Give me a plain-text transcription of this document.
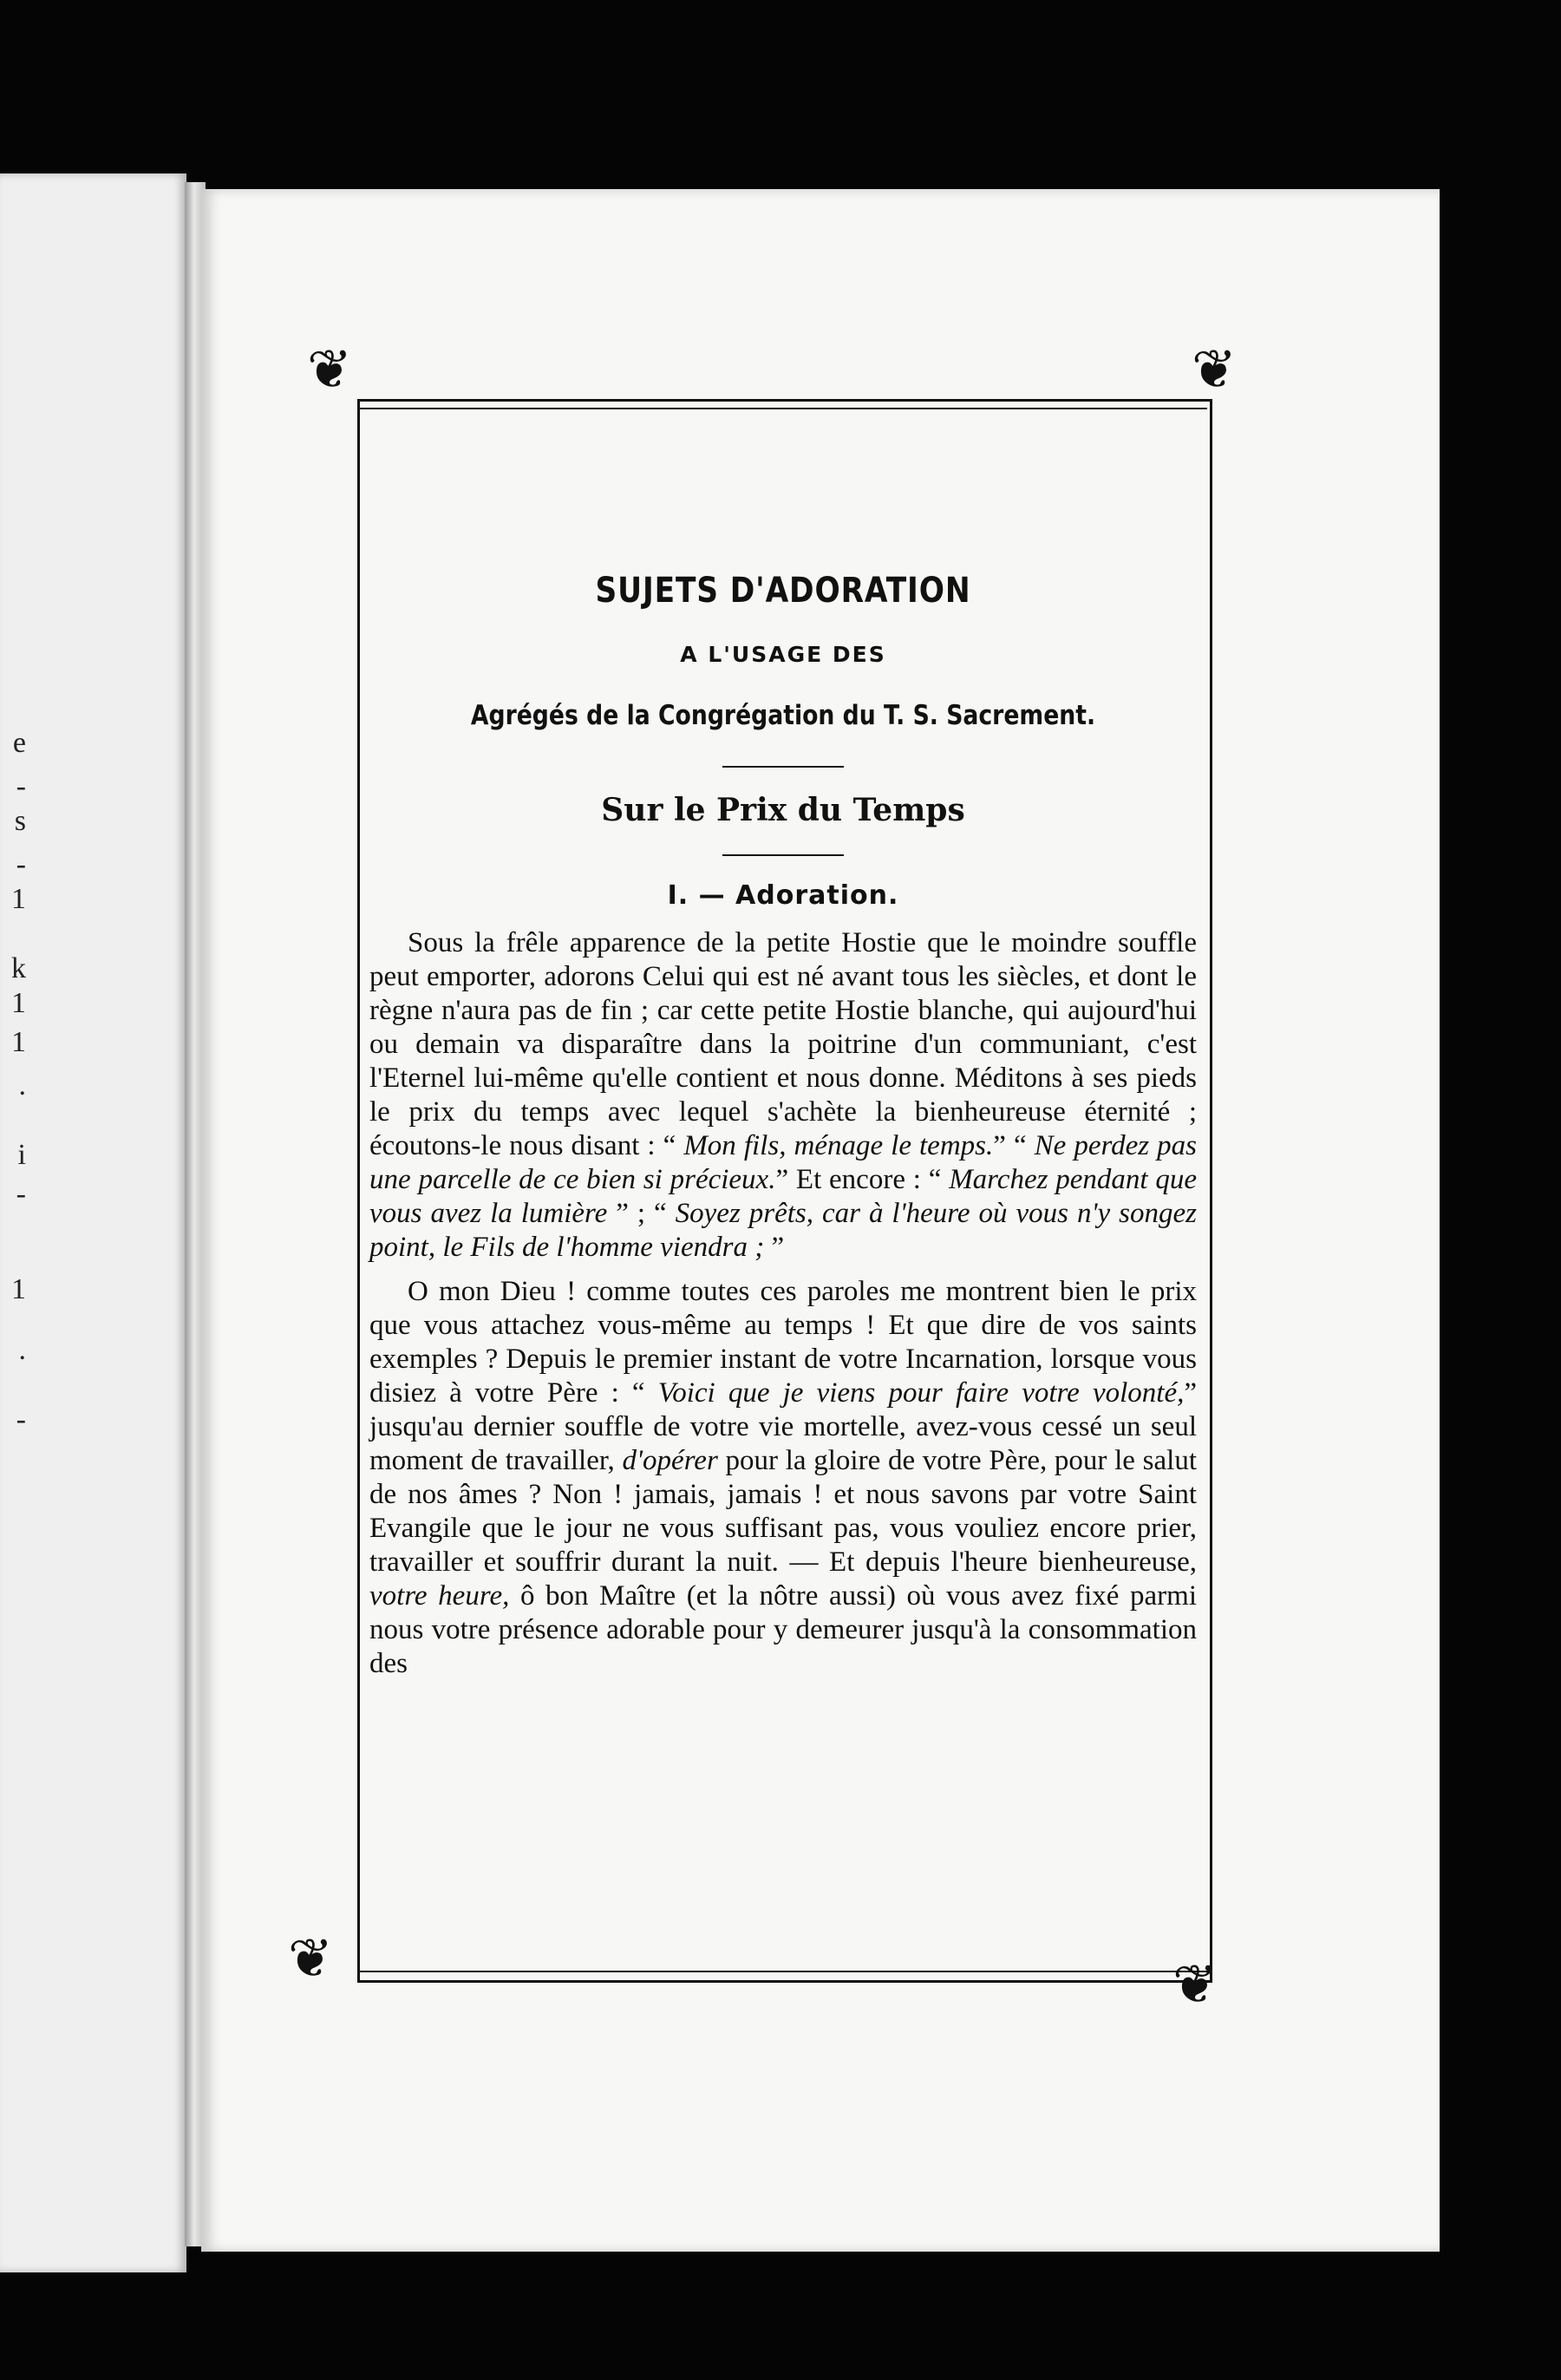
e
-
s
-
1
k
1
1
.
i
-
1
.
-
❦	❦
❦	❦
SUJETS D'ADORATION
A L'USAGE DES
Agrégés de la Congrégation du T. S. Sacrement.
Sur le Prix du Temps
I. — Adoration.

Sous la frêle apparence de la petite Hostie que le moindre souffle peut emporter, adorons Celui qui est né avant tous les siècles, et dont le règne n'aura pas de fin ; car cette petite Hostie blanche, qui aujourd'hui ou demain va disparaître dans la poitrine d'un communiant, c'est l'Eternel lui-même qu'elle contient et nous donne. Méditons à ses pieds le prix du temps avec lequel s'achète la bienheureuse éternité ; écoutons-le nous disant : “ Mon fils, ménage le temps.” “ Ne perdez pas une parcelle de ce bien si précieux.” Et encore : “ Marchez pendant que vous avez la lumière ” ; “ Soyez prêts, car à l'heure où vous n'y songez point, le Fils de l'homme viendra ; ”

O mon Dieu ! comme toutes ces paroles me montrent bien le prix que vous attachez vous-même au temps ! Et que dire de vos saints exemples ? Depuis le premier instant de votre Incarnation, lorsque vous disiez à votre Père : “ Voici que je viens pour faire votre volonté,” jusqu'au dernier souffle de votre vie mortelle, avez-vous cessé un seul moment de travailler, d'opérer pour la gloire de votre Père, pour le salut de nos âmes ? Non ! jamais, jamais ! et nous savons par votre Saint Evangile que le jour ne vous suffisant pas, vous vouliez encore prier, travailler et souffrir durant la nuit. — Et depuis l'heure bienheureuse, votre heure, ô bon Maître (et la nôtre aussi) où vous avez fixé parmi nous votre présence adorable pour y demeurer jusqu'à la consommation des
